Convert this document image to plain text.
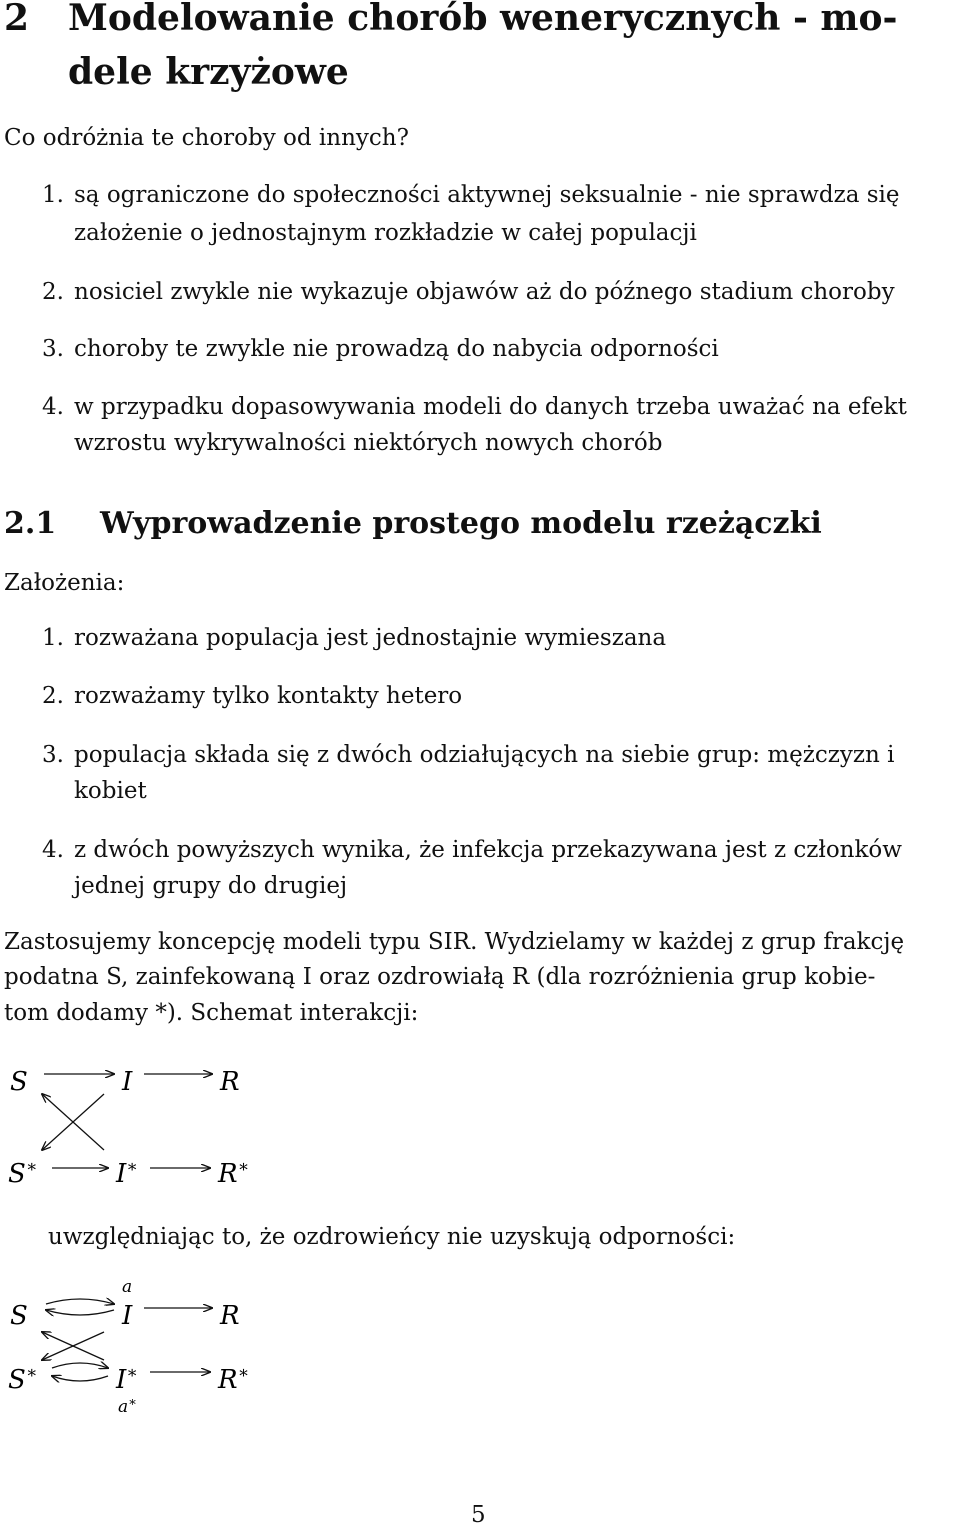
2 Modelowanie chorób wenerycznych - mo-
dele krzyżowe
Co odróżnia te choroby od innych?
1. są ograniczone do społeczności aktywnej seksualnie - nie sprawdza się
założenie o jednostajnym rozkładzie w całej populacji
2. nosiciel zwykle nie wykazuje objawów aż do późnego stadium choroby
3. choroby te zwykle nie prowadzą do nabycia odporności
4. w przypadku dopasowywania modeli do danych trzeba uważać na efekt
wzrostu wykrywalności niektórych nowych chorób
2.1 Wyprowadzenie prostego modelu rzeżączki
Założenia:
1. rozważana populacja jest jednostajnie wymieszana
2. rozważamy tylko kontakty hetero
3. populacja składa się z dwóch odziałujących na siebie grup: mężczyzn i
kobiet
4. z dwóch powyższych wynika, że infekcja przekazywana jest z członków
jednej grupy do drugiej
Zastosujemy koncepcję modeli typu SIR. Wydzielamy w każdej z grup frakcję
podatna S, zainfekowaną I oraz ozdrowiałą R (dla rozróżnienia grup kobie-
tom dodamy *). Schemat interakcji:
S	I	R
S∗	I∗	R∗
uwzględniając to, że ozdrowieńcy nie uzyskują odporności:
a
S	I	R
S∗	I∗	R∗
a∗
5
